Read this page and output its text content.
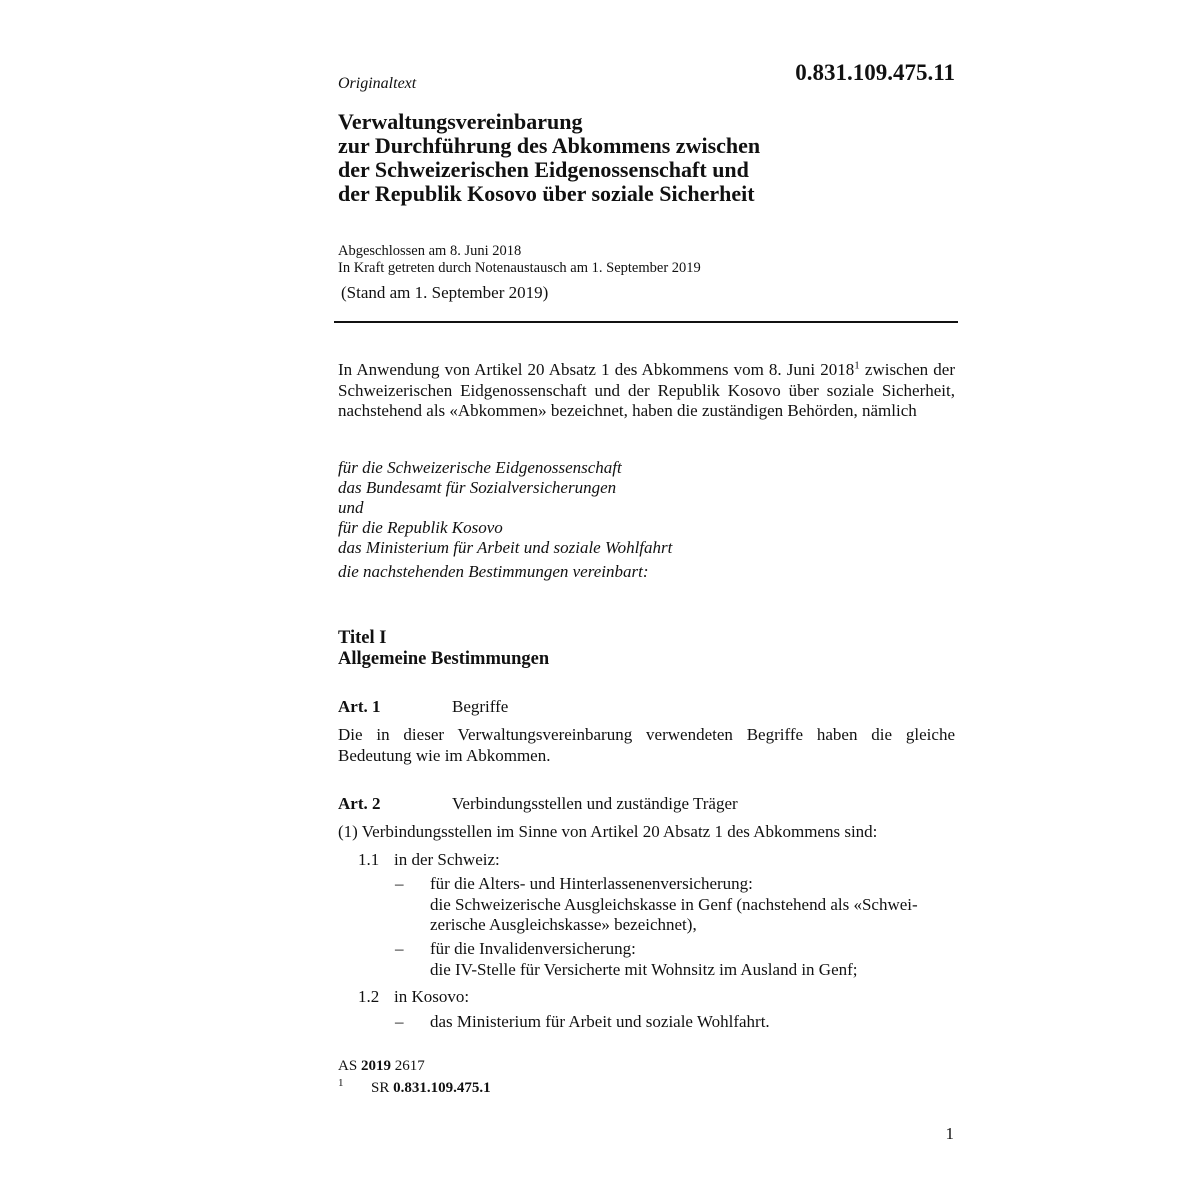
0.831.109.475.11
Originaltext
Verwaltungsvereinbarung
zur Durchführung des Abkommens zwischen
der Schweizerischen Eidgenossenschaft und
der Republik Kosovo über soziale Sicherheit
Abgeschlossen am 8. Juni 2018
In Kraft getreten durch Notenaustausch am 1. September 2019
(Stand am 1. September 2019)
In Anwendung von Artikel 20 Absatz 1 des Abkommens vom 8. Juni 2018$^1$ zwischen der Schweizerischen Eidgenossenschaft und der Republik Kosovo über soziale Sicherheit, nachstehend als «Abkommen» bezeichnet, haben die zuständigen Behörden, nämlich
für die Schweizerische Eidgenossenschaft
das Bundesamt für Sozialversicherungen
und
für die Republik Kosovo
das Ministerium für Arbeit und soziale Wohlfahrt
die nachstehenden Bestimmungen vereinbart:
Titel I
Allgemeine Bestimmungen
Art. 1	Begriffe
Die in dieser Verwaltungsvereinbarung verwendeten Begriffe haben die gleiche Bedeutung wie im Abkommen.
Art. 2	Verbindungsstellen und zuständige Träger
(1) Verbindungsstellen im Sinne von Artikel 20 Absatz 1 des Abkommens sind:
1.1 in der Schweiz:
– für die Alters- und Hinterlassenenversicherung:
die Schweizerische Ausgleichskasse in Genf (nachstehend als «Schwei-
zerische Ausgleichskasse» bezeichnet),
– für die Invalidenversicherung:
die IV-Stelle für Versicherte mit Wohnsitz im Ausland in Genf;
1.2 in Kosovo:
– das Ministerium für Arbeit und soziale Wohlfahrt.
AS 2019 2617
1 SR 0.831.109.475.1
1
